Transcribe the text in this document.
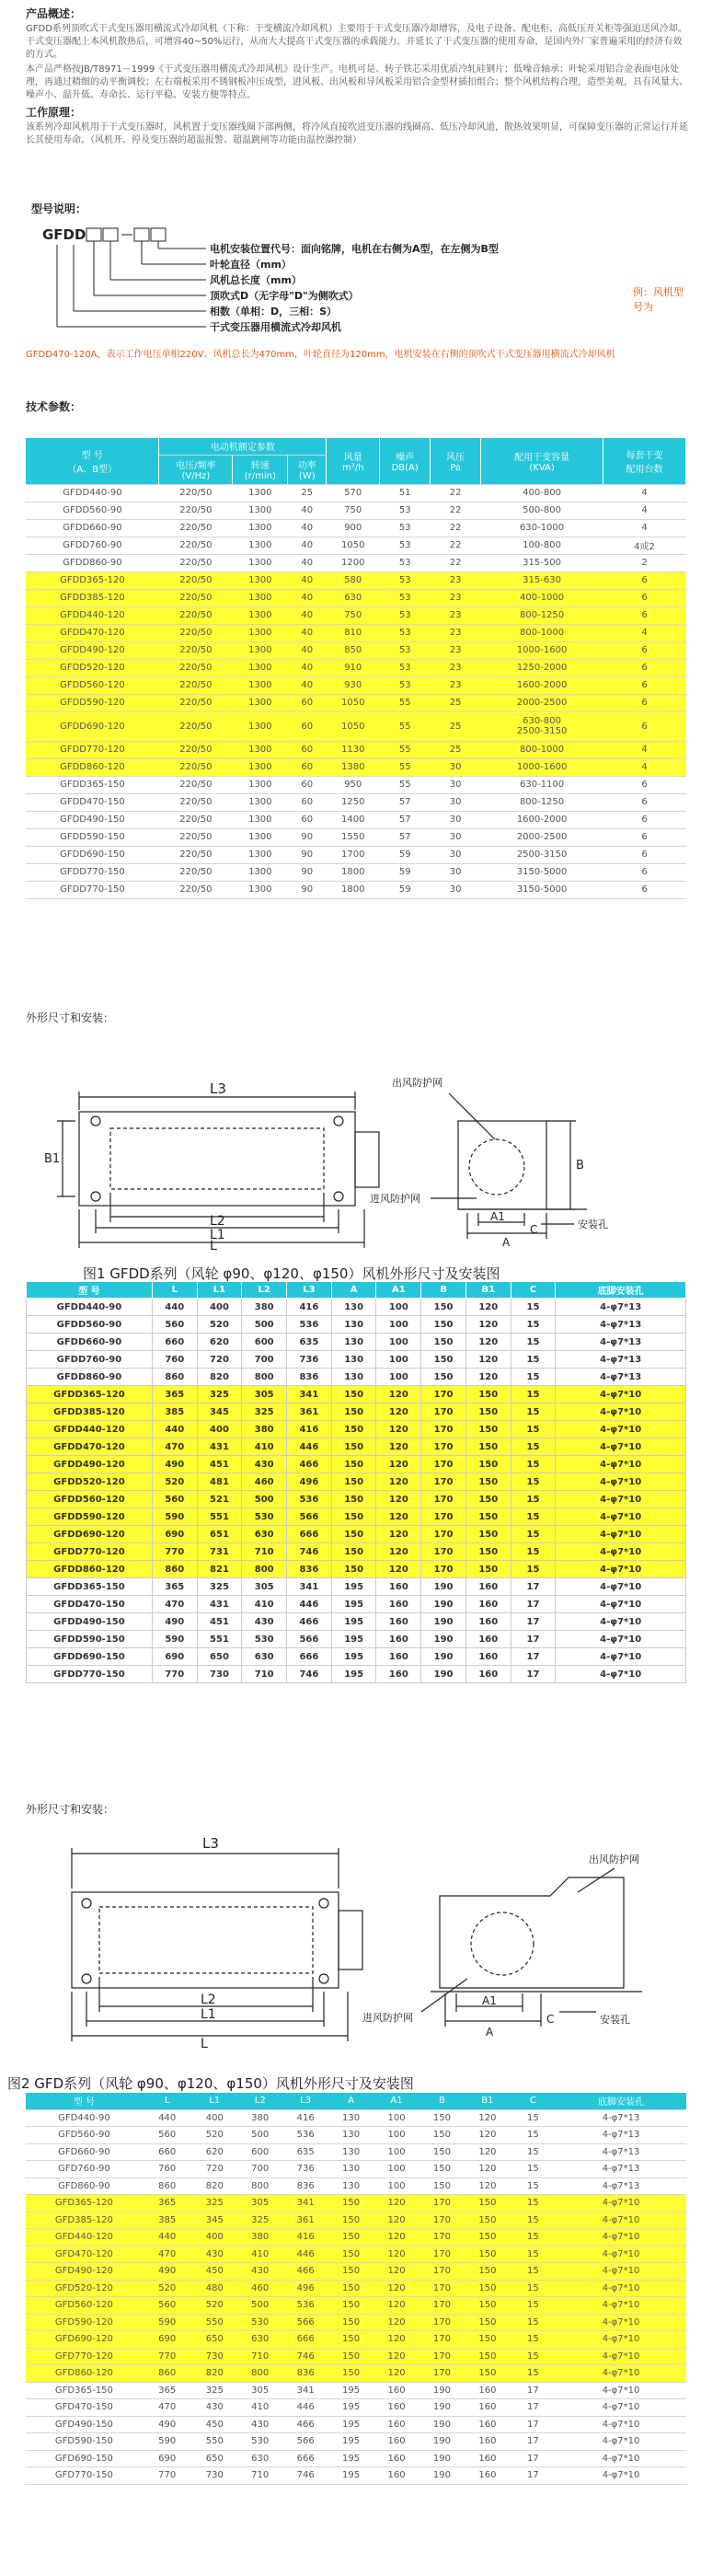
产品概述：

GFDD系列顶吹式干式变压器用横流式冷却风机（下称：干变横流冷却风机）主要用于干式变压器冷却增容，及电子设备、配电柜、高低压开关柜等强迫送风冷却。干式变压器配上本风机散热后，可增容40~50%运行，从而大大提高干式变压器的承载能力，并延长了干式变压器的使用寿命，是国内外厂家普遍采用的经济有效的方式。

本产品严格按JB/T8971－1999《干式变压器用横流式冷却风机》设计生产。电机可是、转子铁芯采用优质冷轧硅钢片；低噪音轴承；叶轮采用铝合金表面电泳处理，再通过精细的动平衡调校；左右端板采用不锈钢板冲压成型，进风板、出风板和导风板采用铝合金型材插扣组合；整个风机结构合理，造型美观，具有风量大、噪声小、温升低、寿命长、运行平稳、安装方便等特点。

工作原理：

该系列冷却风机用于干式变压器时，风机置于变压器线圈下部两侧，将冷风直接吹进变压器的线圈高、低压冷却风道，散热效果明显，可保障变压器的正常运行并延长其使用寿命。（风机开、停及变压器的超温报警、超温跳闸等功能由温控器控制）

型号说明：

GFDD
电机安装位置代号：面向铭牌，电机在右侧为A型，在左侧为B型
叶轮直径（mm）
风机总长度（mm）
顶吹式D（无字母"D"为侧吹式）
相数（单相：D，三相：S）
干式变压器用横流式冷却风机
例：风机型号为
GFDD470-120A，表示工作电压单相220V、风机总长为470mm，叶轮直径为120mm，电机安装在右侧的顶吹式干式变压器用横流式冷却风机

技术参数：

型 号
（A、B型）	电动机额定参数			风量
m³/h	噪声
DB(A)	风压
Pa	配用干变容量
(KVA)	每套干变
配用台数
	电压/频率
(V/Hz)	转速
(r/min)	功率
(W)					
GFDD440-90	220/50	1300	25	570	51	22	400-800	4
GFDD560-90	220/50	1300	40	750	53	22	500-800	4
GFDD660-90	220/50	1300	40	900	53	22	630-1000	4
GFDD760-90	220/50	1300	40	1050	53	22	100-800	4或2
GFDD860-90	220/50	1300	40	1200	53	22	315-500	2
GFDD365-120	220/50	1300	40	580	53	23	315-630	6
GFDD385-120	220/50	1300	40	630	53	23	400-1000	6
GFDD440-120	220/50	1300	40	750	53	23	800-1250	6
GFDD470-120	220/50	1300	40	810	53	23	800-1000	4
GFDD490-120	220/50	1300	40	850	53	23	1000-1600	6
GFDD520-120	220/50	1300	40	910	53	23	1250-2000	6
GFDD560-120	220/50	1300	40	930	53	23	1600-2000	6
GFDD590-120	220/50	1300	60	1050	55	25	2000-2500	6
GFDD690-120	220/50	1300	60	1050	55	25	630-800
2500-3150	6
GFDD770-120	220/50	1300	60	1130	55	25	800-1000	4
GFDD860-120	220/50	1300	60	1380	55	30	1000-1600	4
GFDD365-150	220/50	1300	60	950	55	30	630-1100	6
GFDD470-150	220/50	1300	60	1250	57	30	800-1250	6
GFDD490-150	220/50	1300	60	1400	57	30	1600-2000	6
GFDD590-150	220/50	1300	90	1550	57	30	2000-2500	6
GFDD690-150	220/50	1300	90	1700	59	30	2500-3150	6
GFDD770-150	220/50	1300	90	1800	59	30	3150-5000	6
GFDD770-150	220/50	1300	90	1800	59	30	3150-5000	6

外形尺寸和安装：

L3
L2
L1
L
B1	B
A1
A
C
出风防护网
进风防护网
安装孔
图1 GFDD系列（风轮 φ90、φ120、φ150）风机外形尺寸及安装图
型 号	L	L1	L2	L3	A	A1	B	B1	C	底脚安装孔
GFDD440-90	440	400	380	416	130	100	150	120	15	4-φ7*13
GFDD560-90	560	520	500	536	130	100	150	120	15	4-φ7*13
GFDD660-90	660	620	600	635	130	100	150	120	15	4-φ7*13
GFDD760-90	760	720	700	736	130	100	150	120	15	4-φ7*13
GFDD860-90	860	820	800	836	130	100	150	120	15	4-φ7*13
GFDD365-120	365	325	305	341	150	120	170	150	15	4-φ7*10
GFDD385-120	385	345	325	361	150	120	170	150	15	4-φ7*10
GFDD440-120	440	400	380	416	150	120	170	150	15	4-φ7*10
GFDD470-120	470	431	410	446	150	120	170	150	15	4-φ7*10
GFDD490-120	490	451	430	466	150	120	170	150	15	4-φ7*10
GFDD520-120	520	481	460	496	150	120	170	150	15	4-φ7*10
GFDD560-120	560	521	500	536	150	120	170	150	15	4-φ7*10
GFDD590-120	590	551	530	566	150	120	170	150	15	4-φ7*10
GFDD690-120	690	651	630	666	150	120	170	150	15	4-φ7*10
GFDD770-120	770	731	710	746	150	120	170	150	15	4-φ7*10
GFDD860-120	860	821	800	836	150	120	170	150	15	4-φ7*10
GFDD365-150	365	325	305	341	195	160	190	160	17	4-φ7*10
GFDD470-150	470	431	410	446	195	160	190	160	17	4-φ7*10
GFDD490-150	490	451	430	466	195	160	190	160	17	4-φ7*10
GFDD590-150	590	551	530	566	195	160	190	160	17	4-φ7*10
GFDD690-150	690	650	630	666	195	160	190	160	17	4-φ7*10
GFDD770-150	770	730	710	746	195	160	190	160	17	4-φ7*10

外形尺寸和安装：

L3
L2
L1
L
A1
A
C
出风防护网
进风防护网	安装孔
图2 GFD系列（风轮 φ90、φ120、φ150）风机外形尺寸及安装图
型 号	L	L1	L2	L3	A	A1	B	B1	C	底脚安装孔
GFD440-90	440	400	380	416	130	100	150	120	15	4-φ7*13
GFD560-90	560	520	500	536	130	100	150	120	15	4-φ7*13
GFD660-90	660	620	600	635	130	100	150	120	15	4-φ7*13
GFD760-90	760	720	700	736	130	100	150	120	15	4-φ7*13
GFD860-90	860	820	800	836	130	100	150	120	15	4-φ7*13
GFD365-120	365	325	305	341	150	120	170	150	15	4-φ7*10
GFD385-120	385	345	325	361	150	120	170	150	15	4-φ7*10
GFD440-120	440	400	380	416	150	120	170	150	15	4-φ7*10
GFD470-120	470	430	410	446	150	120	170	150	15	4-φ7*10
GFD490-120	490	450	430	466	150	120	170	150	15	4-φ7*10
GFD520-120	520	480	460	496	150	120	170	150	15	4-φ7*10
GFD560-120	560	520	500	536	150	120	170	150	15	4-φ7*10
GFD590-120	590	550	530	566	150	120	170	150	15	4-φ7*10
GFD690-120	690	650	630	666	150	120	170	150	15	4-φ7*10
GFD770-120	770	730	710	746	150	120	170	150	15	4-φ7*10
GFD860-120	860	820	800	836	150	120	170	150	15	4-φ7*10
GFD365-150	365	325	305	341	195	160	190	160	17	4-φ7*10
GFD470-150	470	430	410	446	195	160	190	160	17	4-φ7*10
GFD490-150	490	450	430	466	195	160	190	160	17	4-φ7*10
GFD590-150	590	550	530	566	195	160	190	160	17	4-φ7*10
GFD690-150	690	650	630	666	195	160	190	160	17	4-φ7*10
GFD770-150	770	730	710	746	195	160	190	160	17	4-φ7*10
